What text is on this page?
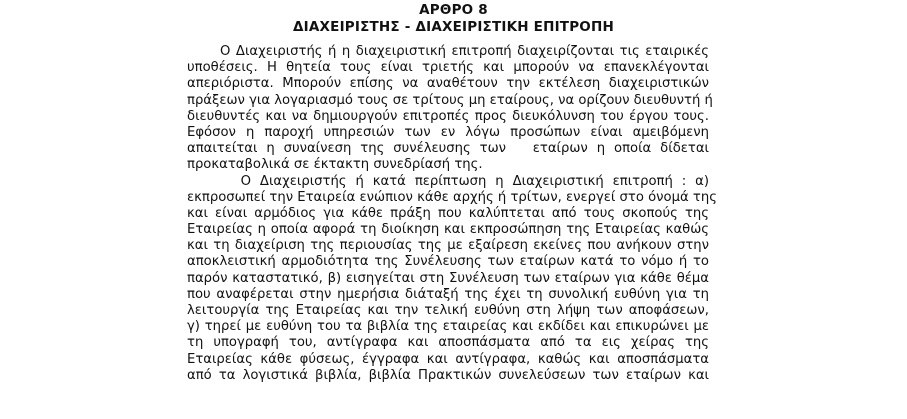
ΑΡΘΡΟ 8
ΔΙΑΧΕΙΡΙΣΤΗΣ - ΔΙΑΧΕΙΡΙΣΤΙΚΗ ΕΠΙΤΡΟΠΗ
Ο Διαχειριστής ή η διαχειριστική επιτροπή διαχειρίζονται τις εταιρικές
υποθέσεις. Η θητεία τους είναι τριετής και μπορούν να επανεκλέγονται
απεριόριστα. Μπορούν επίσης να αναθέτουν την εκτέλεση διαχειριστικών
πράξεων για λογαριασμό τους σε τρίτους μη εταίρους, να ορίζουν διευθυντή ή
διευθυντές και να δημιουργούν επιτροπές προς διευκόλυνση του έργου τους.
Εφόσον η παροχή υπηρεσιών των εν λόγω προσώπων είναι αμειβόμενη
απαιτείται η συναίνεση της συνέλευσης των   εταίρων η οποία δίδεται
προκαταβολικά σε έκτακτη συνεδρίασή της.
Ο Διαχειριστής ή κατά περίπτωση η Διαχειριστική επιτροπή : α)
εκπροσωπεί την Εταιρεία ενώπιον κάθε αρχής ή τρίτων, ενεργεί στο όνομά της
και είναι αρμόδιος για κάθε πράξη που καλύπτεται από τους σκοπούς της
Εταιρείας η οποία αφορά τη διοίκηση και εκπροσώπηση της Εταιρείας καθώς
και τη διαχείριση της περιουσίας της με εξαίρεση εκείνες που ανήκουν στην
αποκλειστική αρμοδιότητα της Συνέλευσης των εταίρων κατά το νόμο ή το
παρόν καταστατικό, β) εισηγείται στη Συνέλευση των εταίρων για κάθε θέμα
που αναφέρεται στην ημερήσια διάταξή της έχει τη συνολική ευθύνη για τη
λειτουργία της Εταιρείας και την τελική ευθύνη στη λήψη των αποφάσεων,
γ) τηρεί με ευθύνη του τα βιβλία της εταιρείας και εκδίδει και επικυρώνει με
τη υπογραφή του, αντίγραφα και αποσπάσματα από τα εις χείρας της
Εταιρείας κάθε φύσεως, έγγραφα και αντίγραφα, καθώς και αποσπάσματα
από τα λογιστικά βιβλία, βιβλία Πρακτικών συνελεύσεων των εταίρων και
